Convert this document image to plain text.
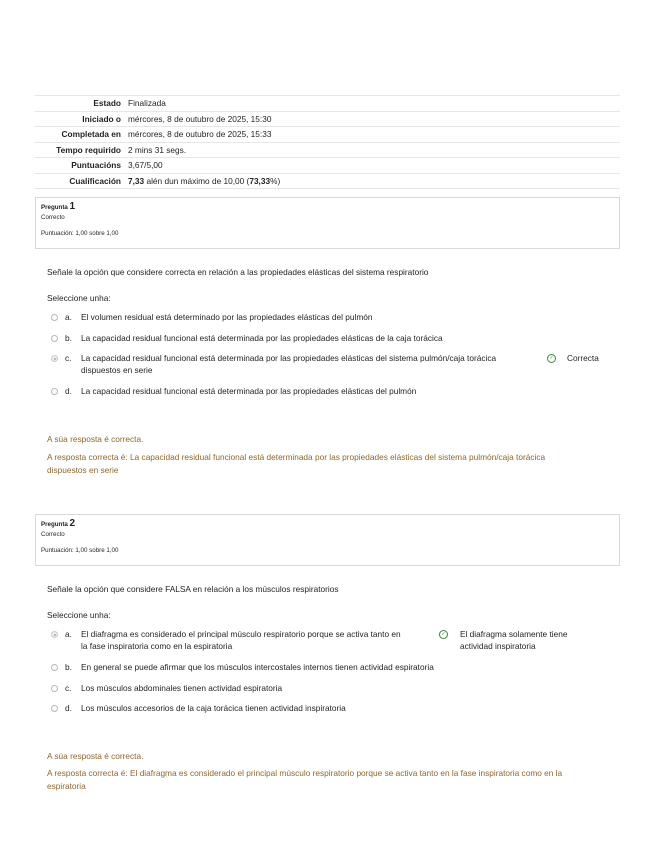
Estado	Finalizada
Iniciado o	mércores, 8 de outubro de 2025, 15:30
Completada en	mércores, 8 de outubro de 2025, 15:33
Tempo requirido	2 mins 31 segs.
Puntuacións	3,67/5,00
Cualificación	7,33 alén dun máximo de 10,00 (73,33%)
Pregunta 1
Correcto
Puntuación: 1,00 sobre 1,00
Señale la opción que considere correcta en relación a las propiedades elásticas del sistema respiratorio
Seleccione unha:
a. El volumen residual está determinado por las propiedades elásticas del pulmón
b. La capacidad residual funcional está determinada por las propiedades elásticas de la caja torácica
c. La capacidad residual funcional está determinada por las propiedades elásticas del sistema pulmón/caja torácica
dispuestos en serie
✓ Correcta
d. La capacidad residual funcional está determinada por las propiedades elásticas del pulmón
A súa resposta é correcta.
A resposta correcta é: La capacidad residual funcional está determinada por las propiedades elásticas del sistema pulmón/caja torácica
dispuestos en serie
Pregunta 2
Correcto
Puntuación: 1,00 sobre 1,00
Señale la opción que considere FALSA en relación a los músculos respiratorios
Seleccione unha:
a. El diafragma es considerado el principal músculo respiratorio porque se activa tanto en
la fase inspiratoria como en la espiratoria
✓ El diafragma solamente tiene
actividad inspiratoria
b. En general se puede afirmar que los músculos intercostales internos tienen actividad espiratoria
c. Los músculos abdominales tienen actividad espiratoria
d. Los músculos accesorios de la caja torácica tienen actividad inspiratoria
A súa resposta é correcta.
A resposta correcta é: El diafragma es considerado el principal músculo respiratorio porque se activa tanto en la fase inspiratoria como en la
espiratoria
